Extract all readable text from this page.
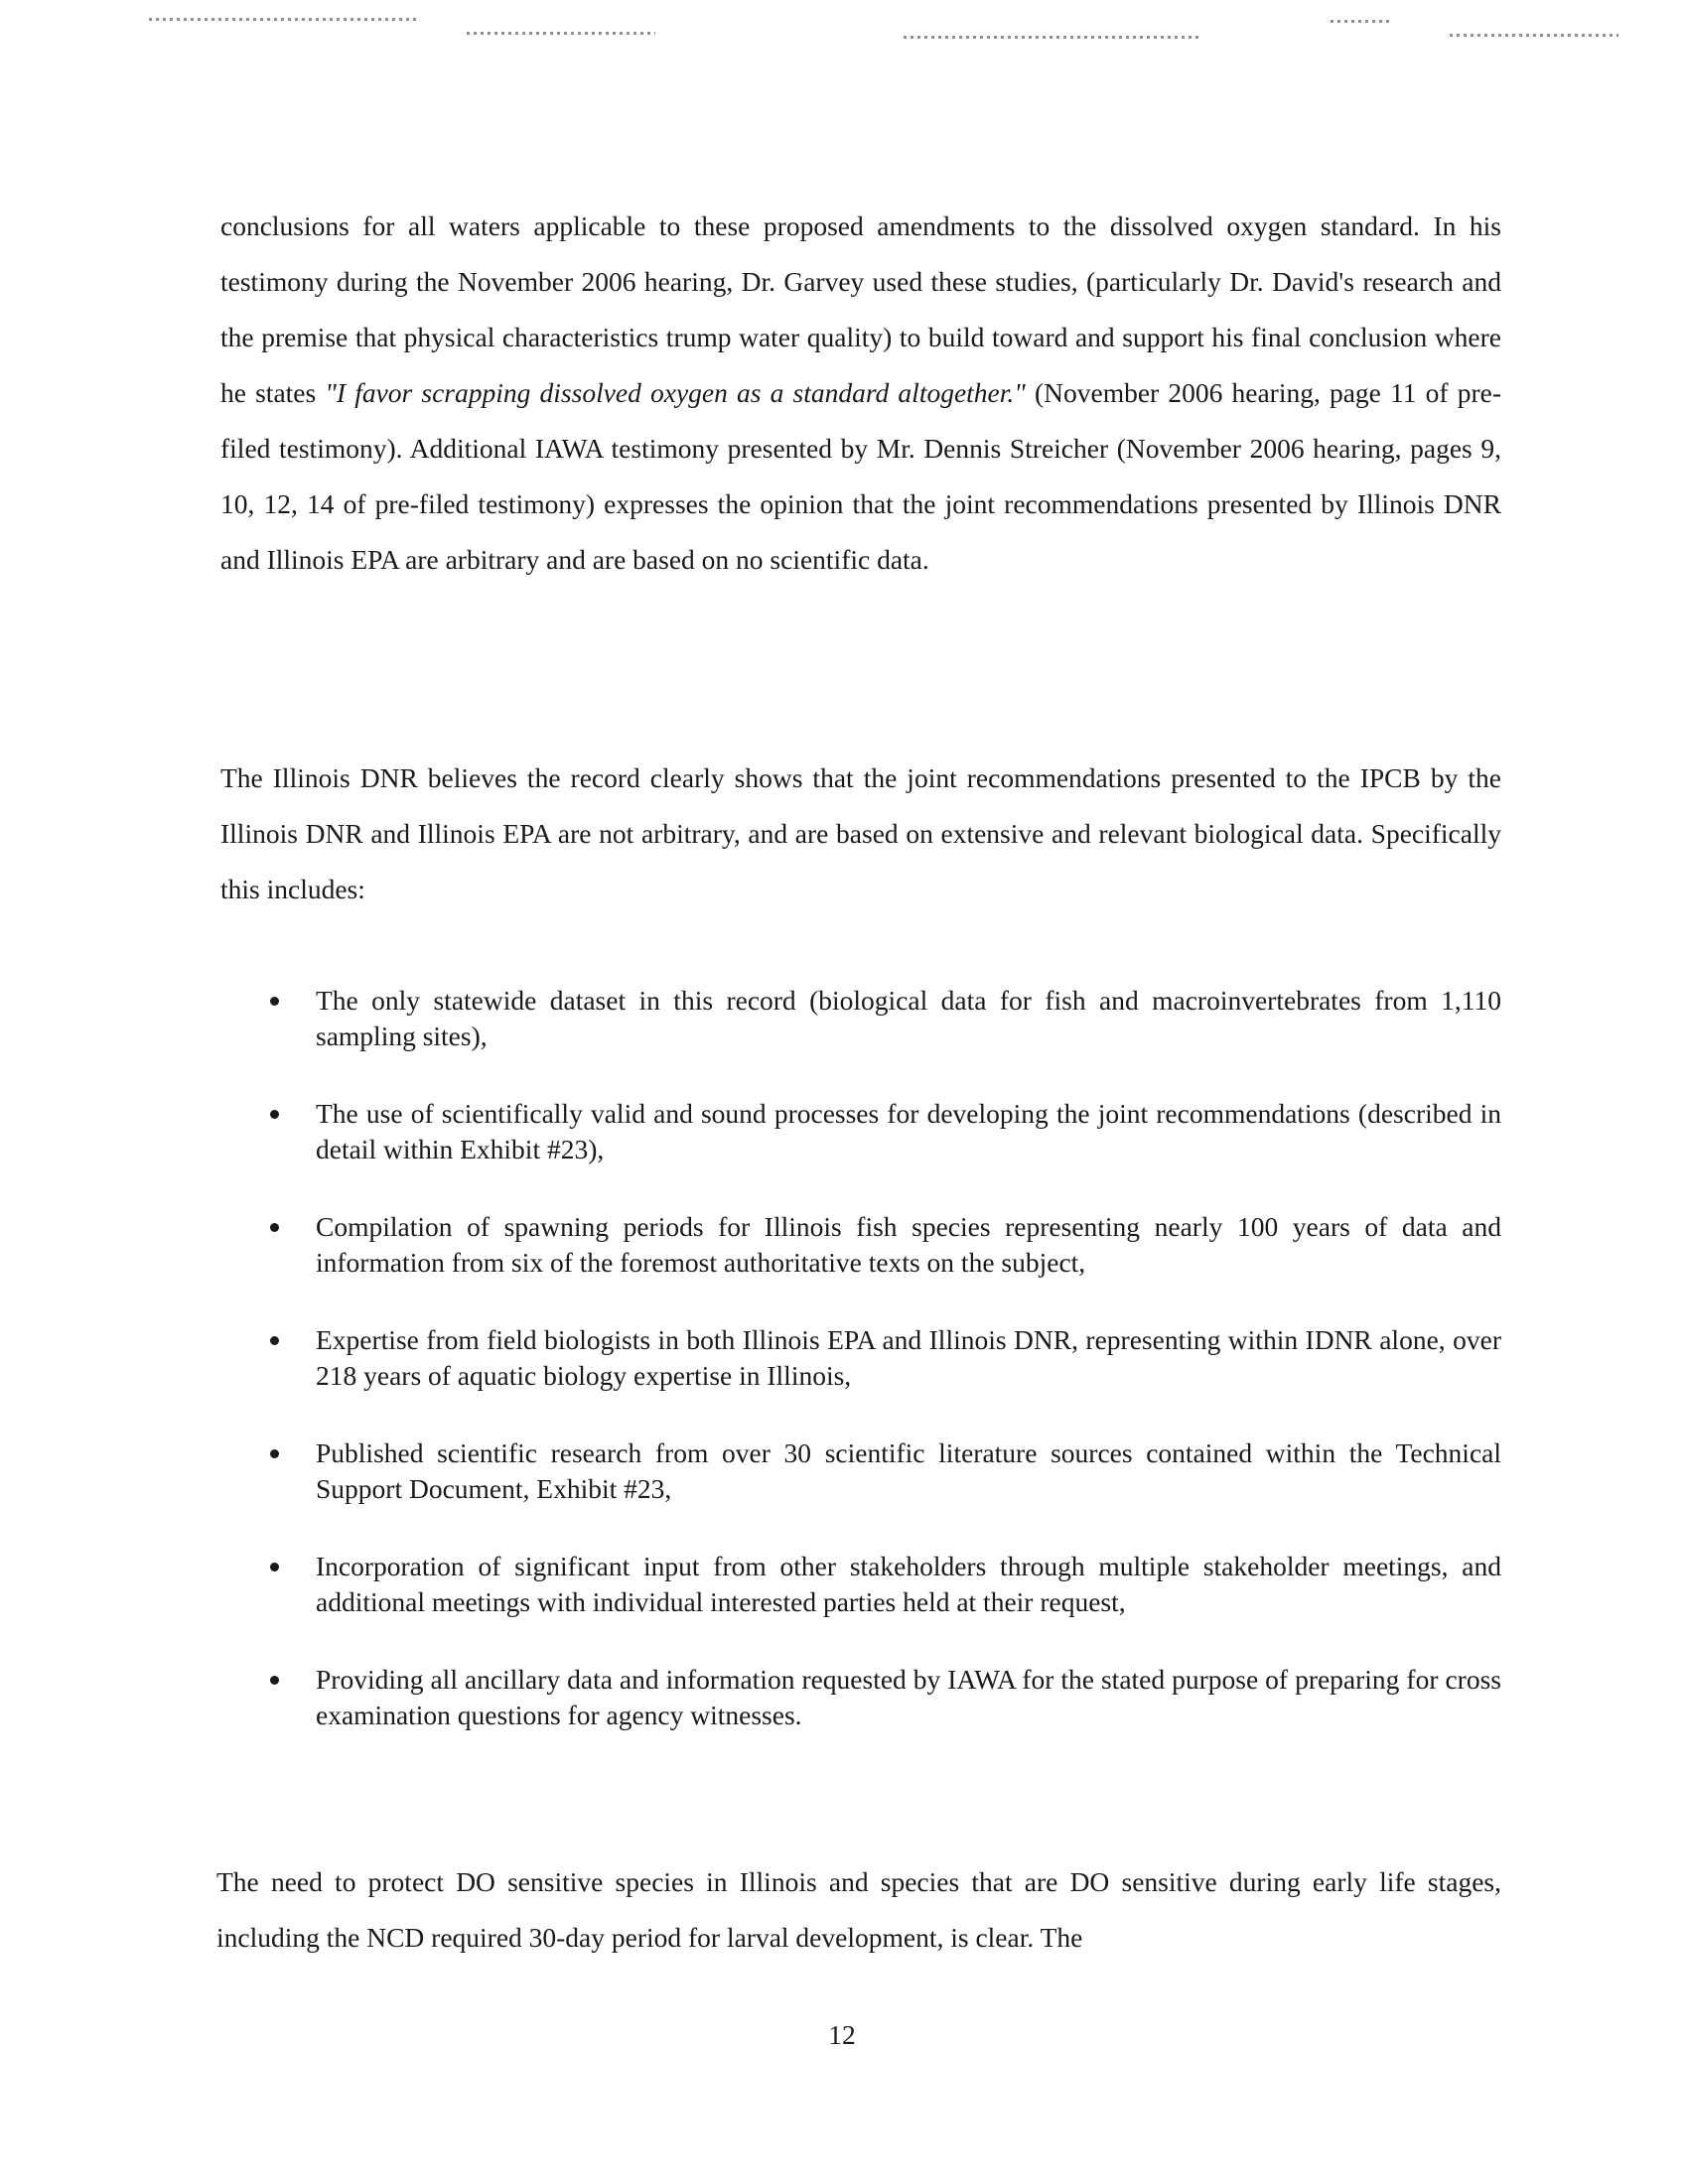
conclusions for all waters applicable to these proposed amendments to the dissolved oxygen standard. In his testimony during the November 2006 hearing, Dr. Garvey used these studies, (particularly Dr. David's research and the premise that physical characteristics trump water quality) to build toward and support his final conclusion where he states "I favor scrapping dissolved oxygen as a standard altogether." (November 2006 hearing, page 11 of pre-filed testimony). Additional IAWA testimony presented by Mr. Dennis Streicher (November 2006 hearing, pages 9, 10, 12, 14 of pre-filed testimony) expresses the opinion that the joint recommendations presented by Illinois DNR and Illinois EPA are arbitrary and are based on no scientific data.

The Illinois DNR believes the record clearly shows that the joint recommendations presented to the IPCB by the Illinois DNR and Illinois EPA are not arbitrary, and are based on extensive and relevant biological data. Specifically this includes:

The only statewide dataset in this record (biological data for fish and macroinvertebrates from 1,110 sampling sites),
The use of scientifically valid and sound processes for developing the joint recommendations (described in detail within Exhibit #23),
Compilation of spawning periods for Illinois fish species representing nearly 100 years of data and information from six of the foremost authoritative texts on the subject,
Expertise from field biologists in both Illinois EPA and Illinois DNR, representing within IDNR alone, over 218 years of aquatic biology expertise in Illinois,
Published scientific research from over 30 scientific literature sources contained within the Technical Support Document, Exhibit #23,
Incorporation of significant input from other stakeholders through multiple stakeholder meetings, and additional meetings with individual interested parties held at their request,
Providing all ancillary data and information requested by IAWA for the stated purpose of preparing for cross examination questions for agency witnesses.

The need to protect DO sensitive species in Illinois and species that are DO sensitive during early life stages, including the NCD required 30-day period for larval development, is clear. The

12
